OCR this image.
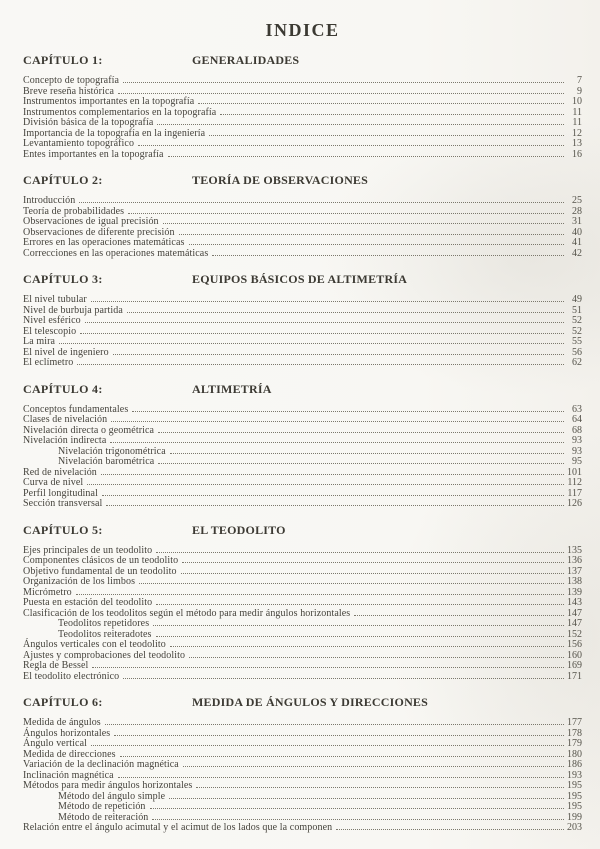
INDICE
CAPÍTULO 1:	GENERALIDADES
Concepto de topografía	7
Breve reseña histórica	9
Instrumentos importantes en la topografía	10
Instrumentos complementarios en la topografía	11
División básica de la topografía	11
Importancia de la topografía en la ingeniería	12
Levantamiento topográfico	13
Entes importantes en la topografía	16
CAPÍTULO 2:	TEORÍA DE OBSERVACIONES
Introducción	25
Teoría de probabilidades	28
Observaciones de igual precisión	31
Observaciones de diferente precisión	40
Errores en las operaciones matemáticas	41
Correcciones en las operaciones matemáticas	42
CAPÍTULO 3:	EQUIPOS BÁSICOS DE ALTIMETRÍA
El nivel tubular	49
Nivel de burbuja partida	51
Nivel esférico	52
El telescopio	52
La mira	55
El nivel de ingeniero	56
El eclímetro	62
CAPÍTULO 4:	ALTIMETRÍA
Conceptos fundamentales	63
Clases de nivelación	64
Nivelación directa o geométrica	68
Nivelación indirecta	93
Nivelación trigonométrica	93
Nivelación barométrica	95
Red de nivelación	101
Curva de nivel	112
Perfil longitudinal	117
Sección transversal	126
CAPÍTULO 5:	EL TEODOLITO
Ejes principales de un teodolito	135
Componentes clásicos de un teodolito	136
Objetivo fundamental de un teodolito	137
Organización de los limbos	138
Micrómetro	139
Puesta en estación del teodolito	143
Clasificación de los teodolitos según el método para medir ángulos horizontales	147
Teodolitos repetidores	147
Teodolitos reiteradotes	152
Ángulos verticales con el teodolito	156
Ajustes y comprobaciones del teodolito	160
Regla de Bessel	169
El teodolito electrónico	171
CAPÍTULO 6:	MEDIDA DE ÁNGULOS Y DIRECCIONES
Medida de ángulos	177
Ángulos horizontales	178
Ángulo vertical	179
Medida de direcciones	180
Variación de la declinación magnética	186
Inclinación magnética	193
Métodos para medir ángulos horizontales	195
Método del ángulo simple	195
Método de repetición	195
Método de reiteración	199
Relación entre el ángulo acimutal y el acimut de los lados que la componen	203
